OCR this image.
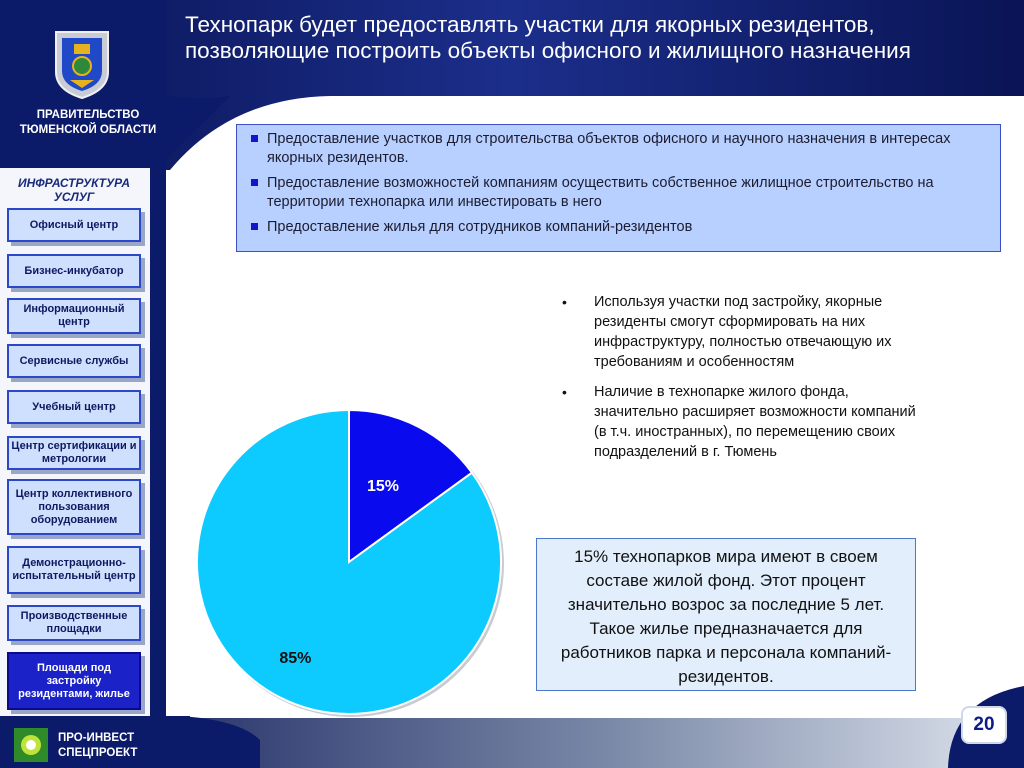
Технопарк будет предоставлять участки для якорных резидентов, позволяющие построить объекты офисного и жилищного назначения
ПРАВИТЕЛЬСТВО ТЮМЕНСКОЙ ОБЛАСТИ
ИНФРАСТРУКТУРА УСЛУГ
Офисный центр
Бизнес-инкубатор
Информационный центр
Сервисные службы
Учебный центр
Центр сертификации и метрологии
Центр коллективного пользования оборудованием
Демонстрационно-испытательный центр
Производственные площадки
Площади под застройку резидентами, жилье
Предоставление участков для строительства объектов офисного и научного назначения в интересах якорных резидентов.
Предоставление возможностей компаниям осуществить собственное жилищное строительство на территории технопарка или инвестировать в него
Предоставление жилья для сотрудников компаний-резидентов
• Используя участки под застройку, якорные резиденты смогут сформировать на них инфраструктуру, полностью отвечающую их требованиям и особенностям
• Наличие в технопарке жилого фонда, значительно расширяет возможности компаний (в т.ч. иностранных), по перемещению своих подразделений в г. Тюмень
15%
85%
15% технопарков мира имеют в своем составе жилой фонд. Этот процент значительно возрос за последние 5 лет. Такое жилье предназначается для работников парка и персонала компаний-резидентов.
ПРО-ИНВЕСТ
СПЕЦПРОЕКТ
20
